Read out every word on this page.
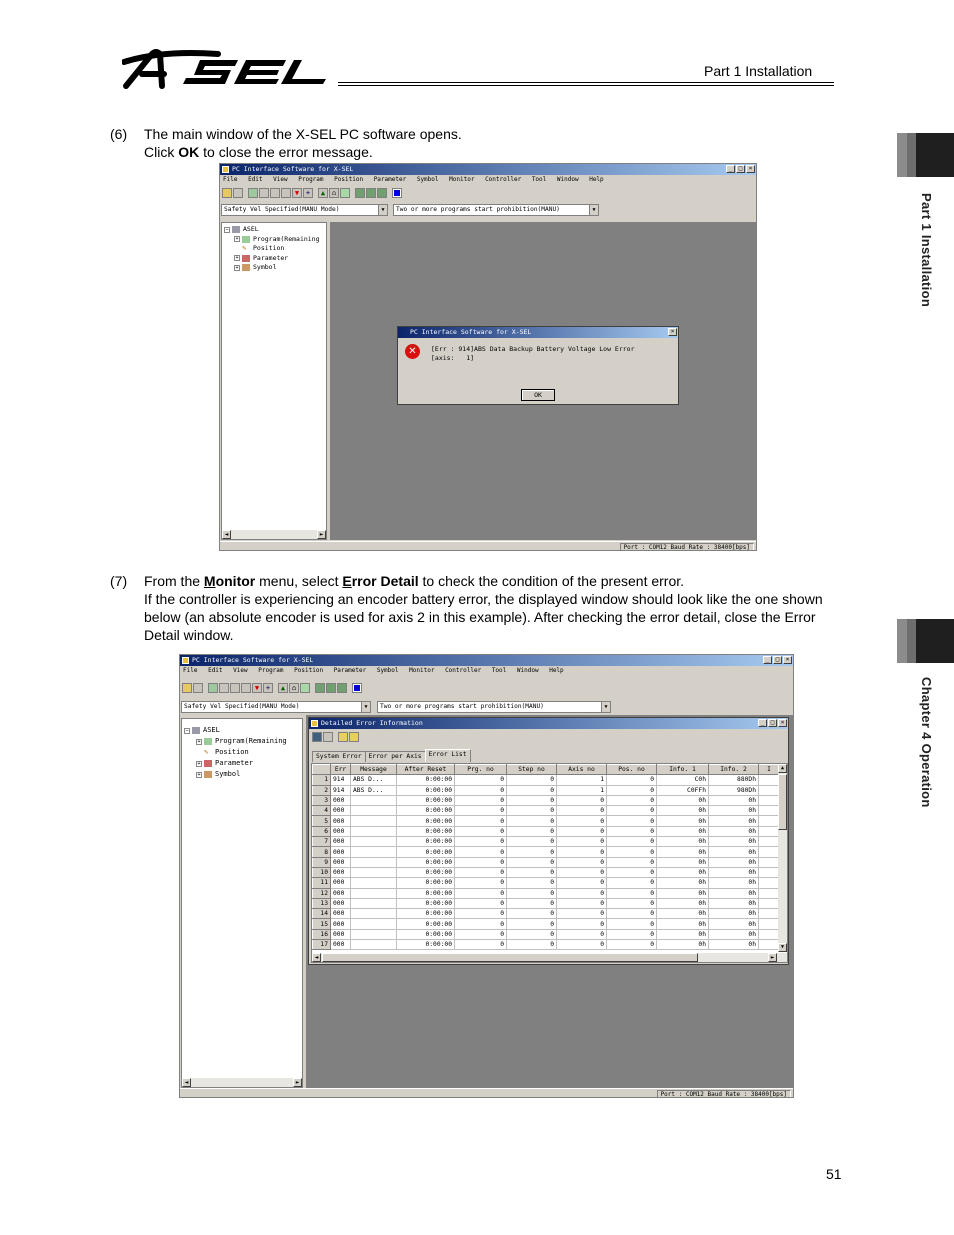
Part 1 Installation
Part 1 Installation
Chapter 4 Operation
(6) The main window of the X-SEL PC software opens.
Click OK to close the error message.
PC Interface Software for X-SEL	_	□	×
File Edit View Program Position Parameter Symbol Monitor Controller Tool Window Help
▼ +	▲ ⌂
Safety Vel Specified(MANU Mode)	▼	Two or more programs start prohibition(MANU)	▼
− ASEL
+ Program(Remaining
✎	Position
+ Parameter
+ Symbol
◄	►
Port : COM12 Baud Rate : 38400[bps]
PC Interface Software for X-SEL	×
✕	[Err : 914]ABS Data Backup Battery Voltage Low Error
[axis:   1]
OK
(7) From the Monitor menu, select Error Detail to check the condition of the present error.
If the controller is experiencing an encoder battery error, the displayed window should look like the one shown below (an absolute encoder is used for axis 2 in this example). After checking the error detail, close the Error Detail window.
PC Interface Software for X-SEL	_	□	×
File Edit View Program Position Parameter Symbol Monitor Controller Tool Window Help
▼ +	▲ ⌂
Safety Vel Specified(MANU Mode)	▼	Two or more programs start prohibition(MANU)	▼
− ASEL
+ Program(Remaining
✎ Position
+ Parameter
+ Symbol
◄	►
Port : COM12 Baud Rate : 38400[bps]
Detailed Error Information	_	□	×
System Error	Error per Axis	Error List
	Err	Message	After Reset	Prg. no	Step no	Axis no	Pos. no	Info. 1	Info. 2	I
1	914	ABS D...	0:00:00	0	0	1	0	C0h	880Dh	
2	914	ABS D...	0:00:00	0	0	1	0	C0FFh	980Dh	
3	000		0:00:00	0	0	0	0	0h	0h	
4	000		0:00:00	0	0	0	0	0h	0h	
5	000		0:00:00	0	0	0	0	0h	0h	
6	000		0:00:00	0	0	0	0	0h	0h	
7	000		0:00:00	0	0	0	0	0h	0h	
8	000		0:00:00	0	0	0	0	0h	0h	
9	000		0:00:00	0	0	0	0	0h	0h	
10	000		0:00:00	0	0	0	0	0h	0h	
11	000		0:00:00	0	0	0	0	0h	0h	
12	000		0:00:00	0	0	0	0	0h	0h	
13	000		0:00:00	0	0	0	0	0h	0h	
14	000		0:00:00	0	0	0	0	0h	0h	
15	000		0:00:00	0	0	0	0	0h	0h	
16	000		0:00:00	0	0	0	0	0h	0h	
17	000		0:00:00	0	0	0	0	0h	0h	
▲
▼
◄	►
51
